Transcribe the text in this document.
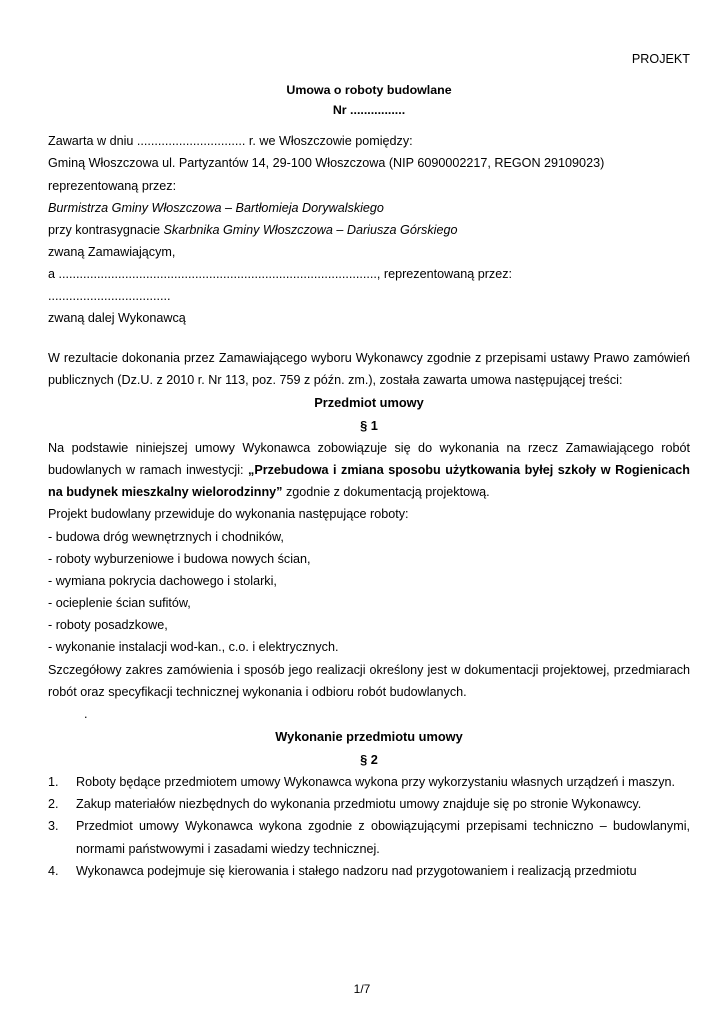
PROJEKT

Umowa o roboty budowlane

Nr ................

Zawarta w dniu ............................... r. we Włoszczowie pomiędzy:

Gminą Włoszczowa ul. Partyzantów 14, 29-100 Włoszczowa (NIP 6090002217, REGON 29109023)

reprezentowaną przez:

Burmistrza Gminy Włoszczowa – Bartłomieja Dorywalskiego

przy kontrasygnacie Skarbnika Gminy Włoszczowa – Dariusza Górskiego

zwaną Zamawiającym,

a ..........................................................................................., reprezentowaną przez:

...................................

zwaną dalej Wykonawcą

W rezultacie dokonania przez Zamawiającego wyboru Wykonawcy zgodnie z przepisami ustawy Prawo zamówień publicznych (Dz.U. z 2010 r. Nr 113, poz. 759 z późn. zm.), została zawarta umowa następującej treści:

Przedmiot umowy

§ 1

Na podstawie niniejszej umowy Wykonawca zobowiązuje się do wykonania na rzecz Zamawiającego robót budowlanych w ramach inwestycji: „Przebudowa i zmiana sposobu użytkowania byłej szkoły w Rogienicach na budynek mieszkalny wielorodzinny” zgodnie z dokumentacją projektową.

Projekt budowlany przewiduje do wykonania następujące roboty:

- budowa dróg wewnętrznych i chodników,

- roboty wyburzeniowe i budowa nowych ścian,

- wymiana pokrycia dachowego i stolarki,

- ocieplenie ścian sufitów,

- roboty posadzkowe,

- wykonanie instalacji wod-kan., c.o. i elektrycznych.

Szczegółowy zakres zamówienia i sposób jego realizacji określony jest w dokumentacji projektowej, przedmiarach robót oraz specyfikacji technicznej wykonania i odbioru robót budowlanych.

.

Wykonanie przedmiotu umowy

§ 2

1.	Roboty będące przedmiotem umowy Wykonawca wykona przy wykorzystaniu własnych urządzeń i maszyn.
2.	Zakup materiałów niezbędnych do wykonania przedmiotu umowy znajduje się po stronie Wykonawcy.
3.	Przedmiot umowy Wykonawca wykona zgodnie z obowiązującymi przepisami techniczno – budowlanymi, normami państwowymi i zasadami wiedzy technicznej.
4.	Wykonawca podejmuje się kierowania i stałego nadzoru nad przygotowaniem i realizacją przedmiotu
1/7
